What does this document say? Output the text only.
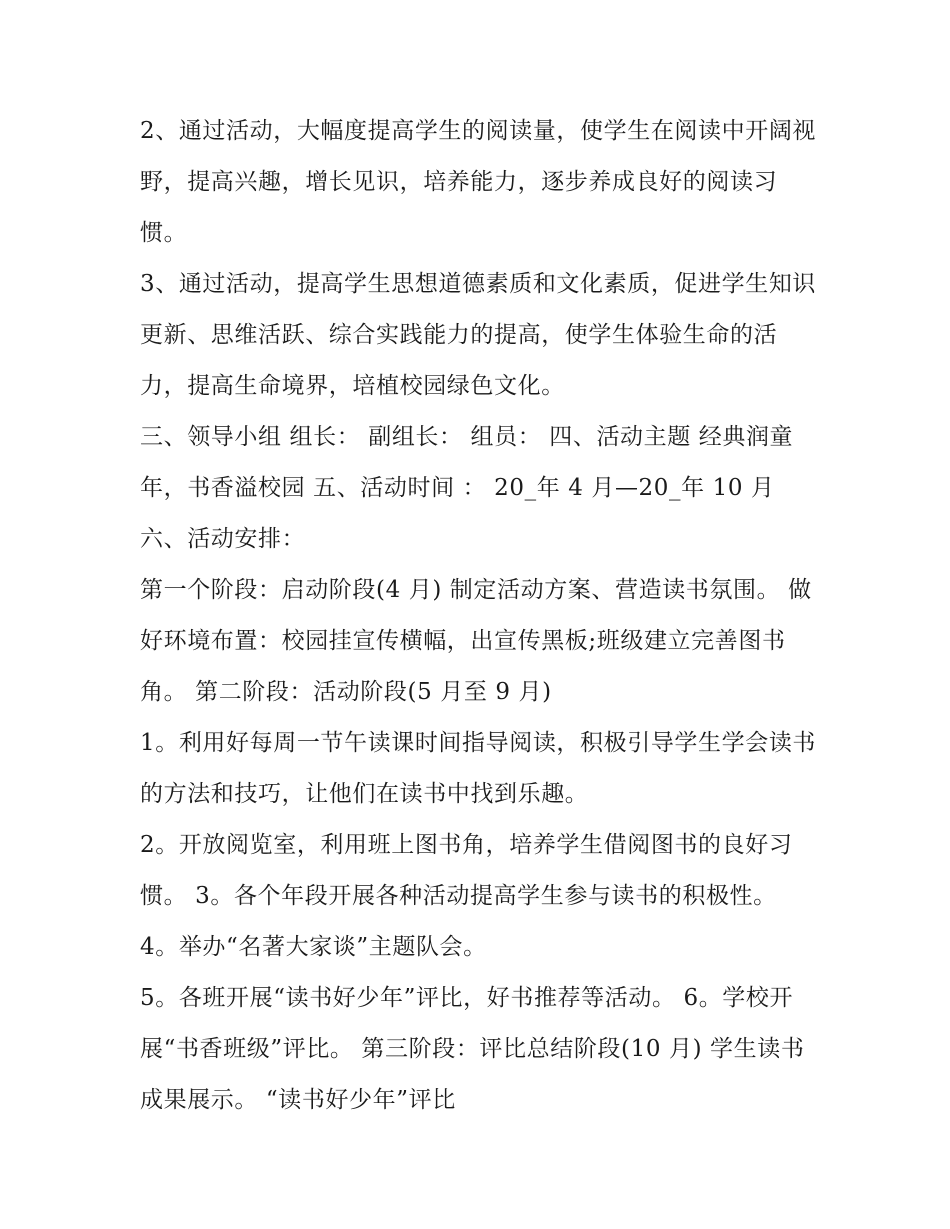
2、通过活动，大幅度提高学生的阅读量，使学生在阅读中开阔视野，提高兴趣，增长见识，培养能力，逐步养成良好的阅读习惯。

3、通过活动，提高学生思想道德素质和文化素质，促进学生知识更新、思维活跃、综合实践能力的提高，使学生体验生命的活力，提高生命境界，培植校园绿色文化。

三、领导小组 组长： 副组长： 组员： 四、活动主题 经典润童年，书香溢校园 五、活动时间 ： 20_年 4 月—20_年 10 月 六、活动安排：

第一个阶段：启动阶段(4 月) 制定活动方案、营造读书氛围。 做好环境布置：校园挂宣传横幅，出宣传黑板;班级建立完善图书角。 第二阶段：活动阶段(5 月至 9 月)

1。利用好每周一节午读课时间指导阅读，积极引导学生学会读书的方法和技巧，让他们在读书中找到乐趣。

2。开放阅览室，利用班上图书角，培养学生借阅图书的良好习惯。 3。各个年段开展各种活动提高学生参与读书的积极性。 4。举办“名著大家谈”主题队会。

5。各班开展“读书好少年”评比，好书推荐等活动。 6。学校开展“书香班级”评比。 第三阶段：评比总结阶段(10 月) 学生读书成果展示。 “读书好少年”评比
